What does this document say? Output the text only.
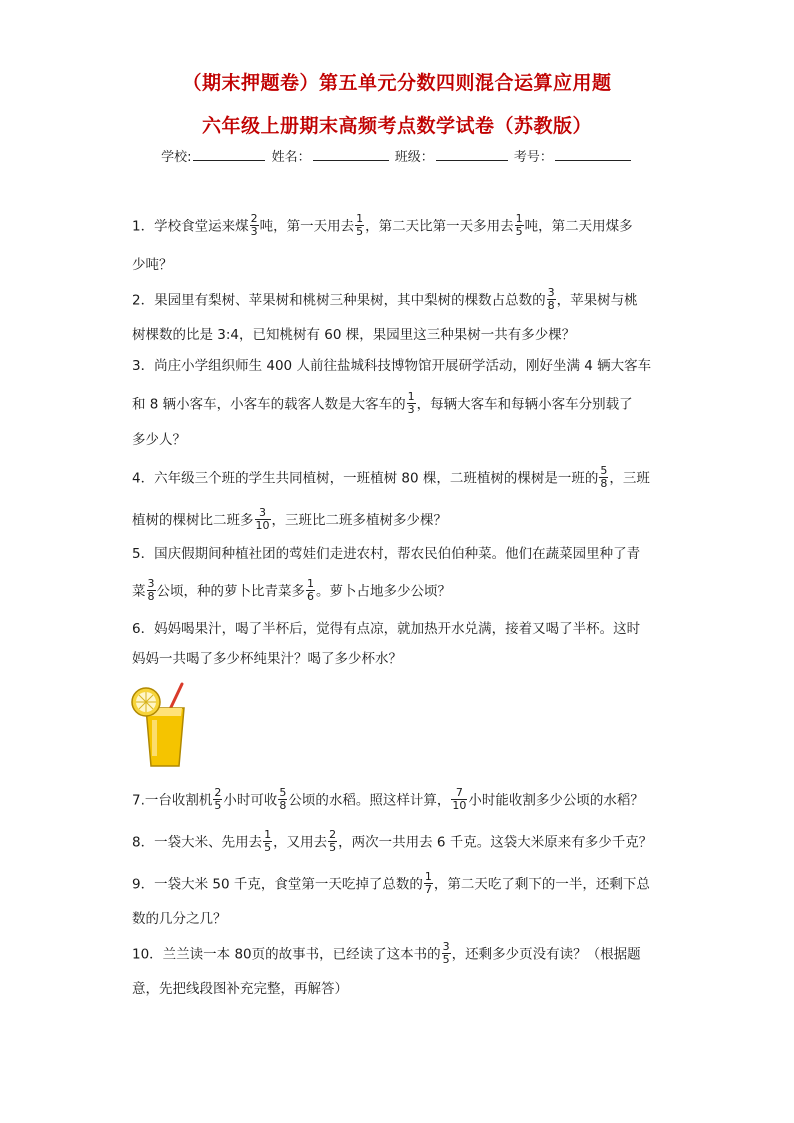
（期末押题卷）第五单元分数四则混合运算应用题
六年级上册期末高频考点数学试卷（苏教版）
学校:	姓名：	班级：	考号：
1．学校食堂运来煤 $\frac{2}{3}$ 吨，第一天用去 $\frac{1}{5}$ ，第二天比第一天多用去 $\frac{1}{5}$ 吨，第二天用煤多
少吨？
2．果园里有梨树、苹果树和桃树三种果树，其中梨树的棵数占总数的 $\frac{3}{8}$ ，苹果树与桃
树棵数的比是 3:4，已知桃树有 60 棵，果园里这三种果树一共有多少棵？
3．尚庄小学组织师生 400 人前往盐城科技博物馆开展研学活动，刚好坐满 4 辆大客车
和 8 辆小客车，小客车的载客人数是大客车的 $\frac{1}{3}$ ，每辆大客车和每辆小客车分别载了
多少人？
4．六年级三个班的学生共同植树，一班植树 80 棵，二班植树的棵树是一班的 $\frac{5}{8}$ ，三班
植树的棵树比二班多 $\frac{3}{10}$ ，三班比二班多植树多少棵？
5．国庆假期间种植社团的莺娃们走进农村，帮农民伯伯种菜。他们在蔬菜园里种了青
菜 $\frac{3}{8}$ 公顷，种的萝卜比青菜多 $\frac{1}{6}$ 。萝卜占地多少公顷？
6．妈妈喝果汁，喝了半杯后，觉得有点凉，就加热开水兑满，接着又喝了半杯。这时
妈妈一共喝了多少杯纯果汁？喝了多少杯水？
7.一台收割机 $\frac{2}{5}$ 小时可收 $\frac{5}{8}$ 公顷的水稻。照这样计算， $\frac{7}{10}$ 小时能收割多少公顷的水稻？
8．一袋大米、先用去 $\frac{1}{5}$ ，又用去 $\frac{2}{5}$ ，两次一共用去 6 千克。这袋大米原来有多少千克？
9．一袋大米 50 千克，食堂第一天吃掉了总数的 $\frac{1}{7}$ ，第二天吃了剩下的一半，还剩下总
数的几分之几？
10．兰兰读一本 80页的故事书，已经读了这本书的 $\frac{3}{5}$ ，还剩多少页没有读？（根据题
意，先把线段图补充完整，再解答）
